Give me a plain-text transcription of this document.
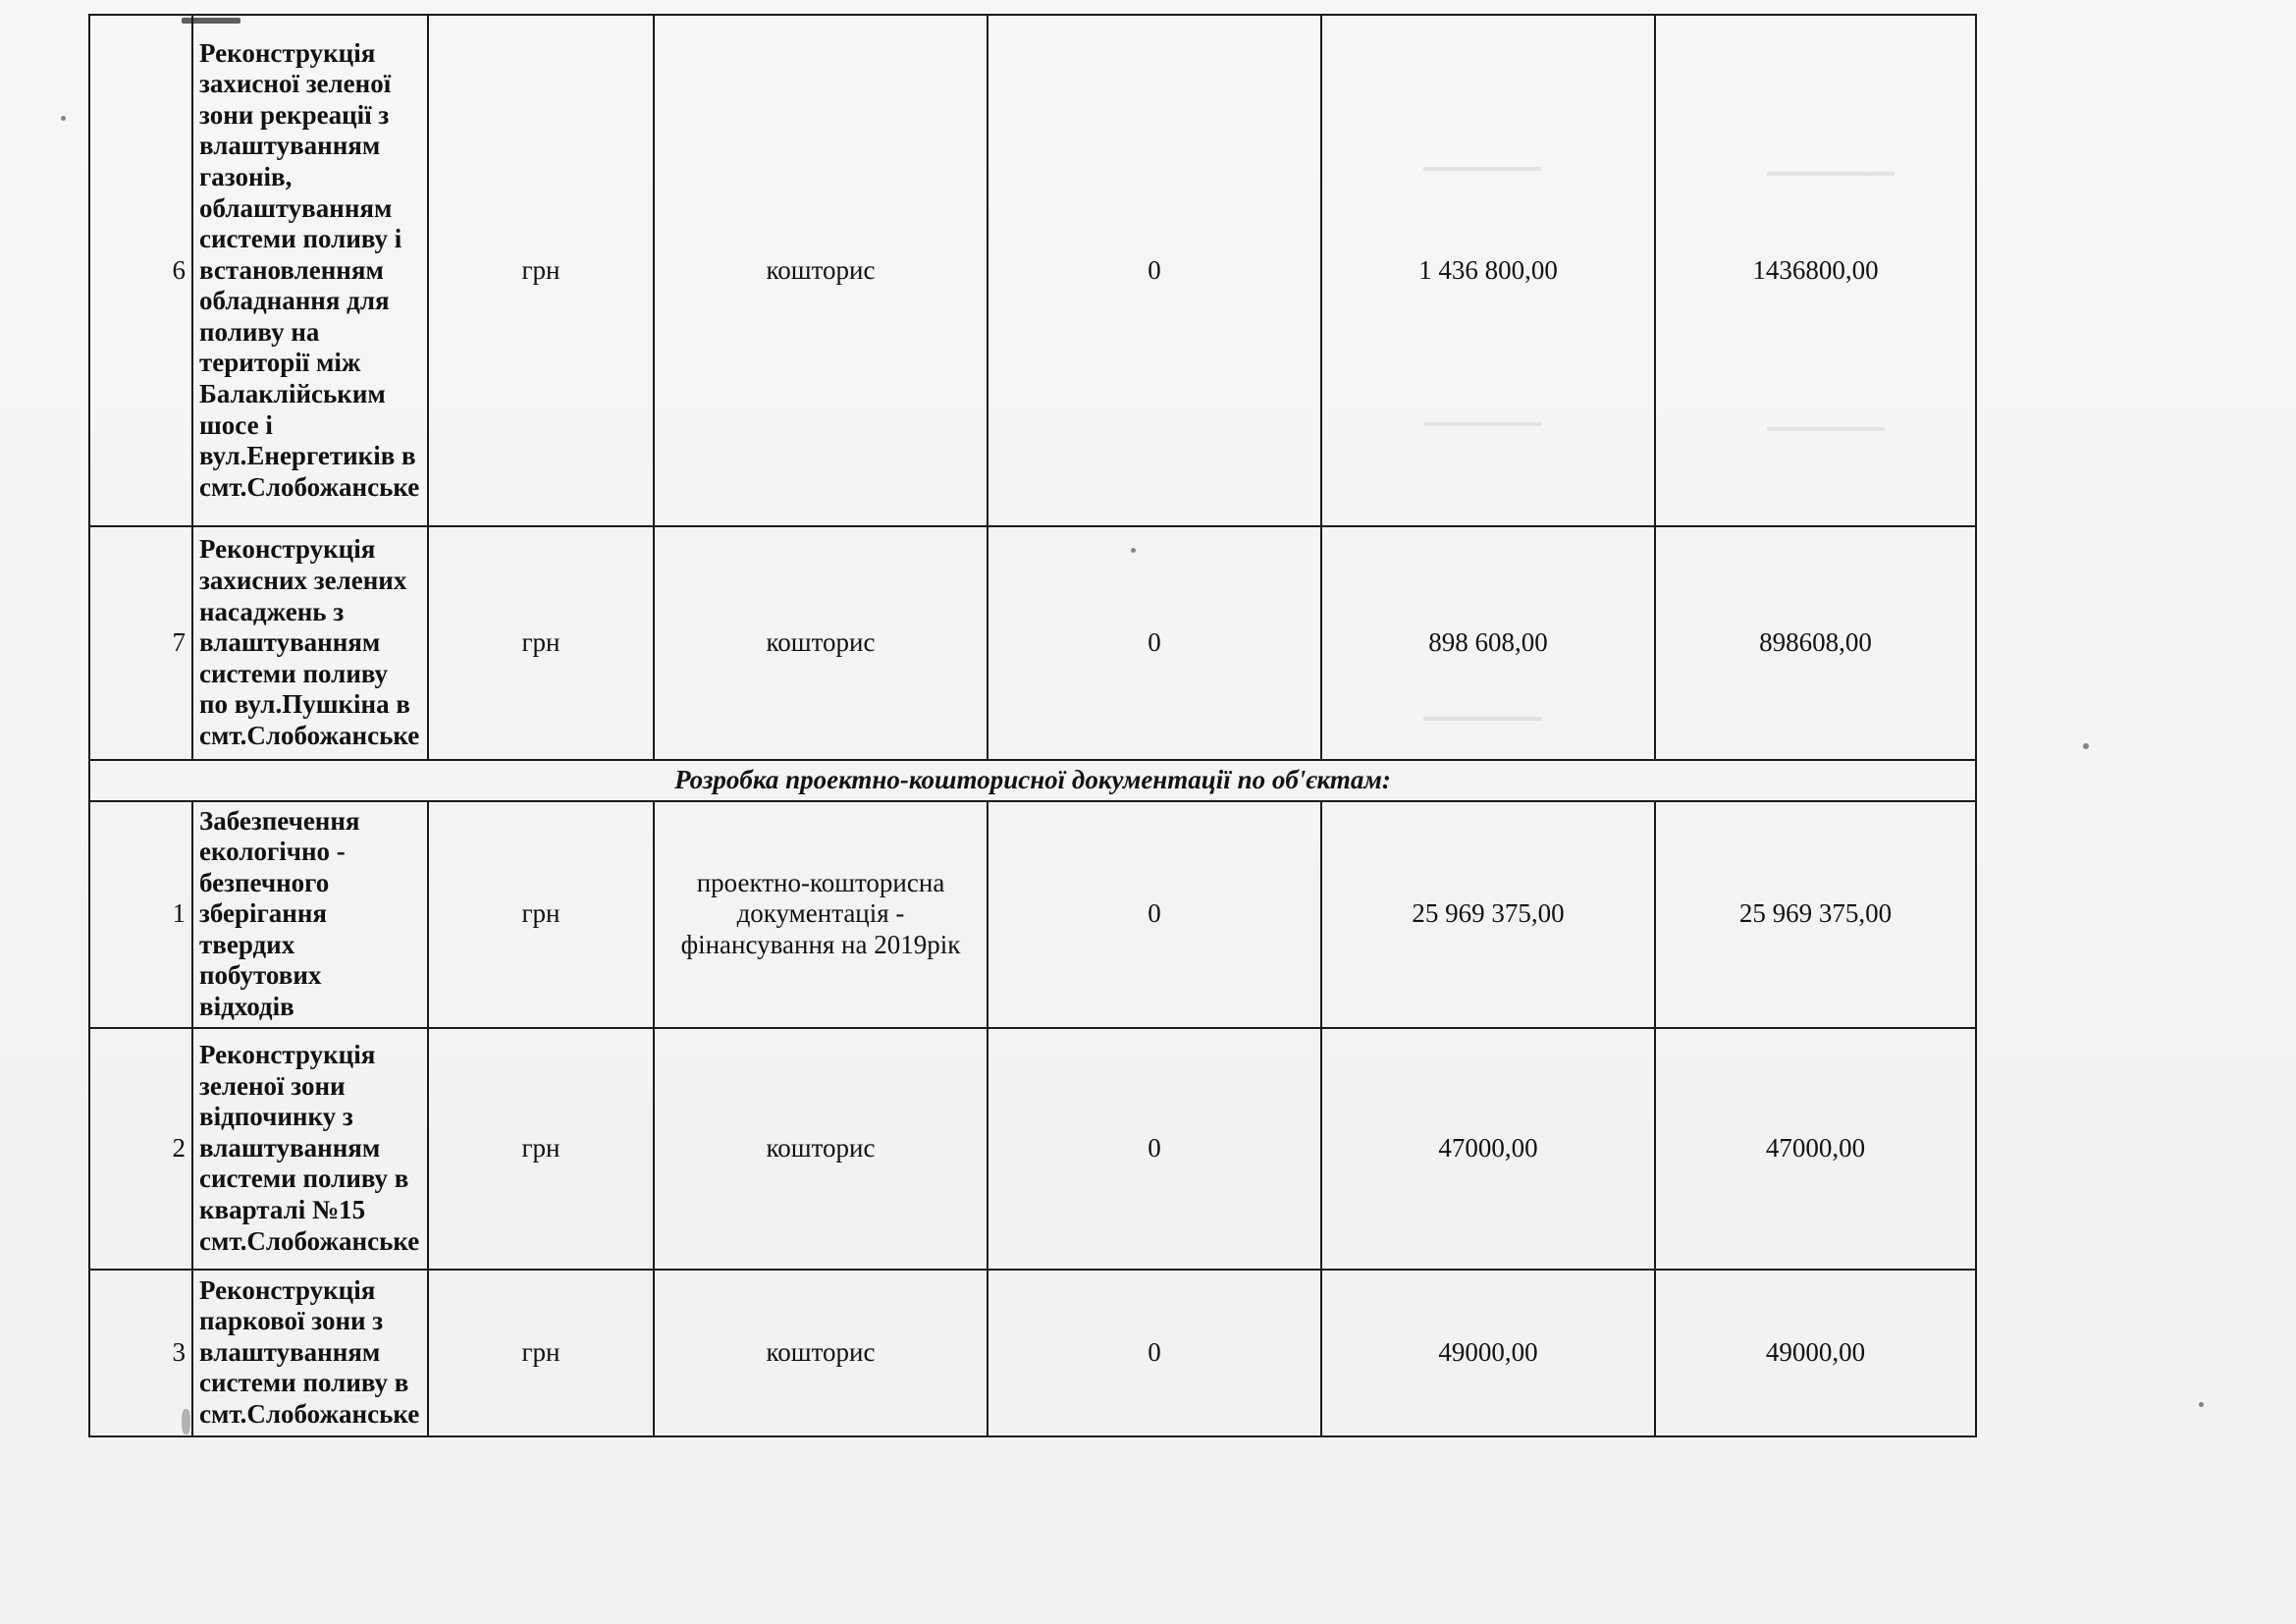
6	Реконструкція захисної зеленої зони рекреації з влаштуванням газонів, облаштуванням системи поливу і встановленням обладнання для поливу на території між Балаклійським шосе і вул.Енергетиків в смт.Слобожанське	грн	кошторис	0	1 436 800,00	1436800,00
7	Реконструкція захисних зелених насаджень з влаштуванням системи поливу по вул.Пушкіна в смт.Слобожанське	грн	кошторис	0	898 608,00	898608,00
Розробка проектно-кошторисної документації по об'єктам:						
1	Забезпечення екологічно - безпечного зберігання твердих побутових відходів	грн	проектно-кошторисна документація - фінансування на 2019рік	0	25 969 375,00	25 969 375,00
2	Реконструкція зеленої зони відпочинку з влаштуванням системи поливу в кварталі №15 смт.Слобожанське	грн	кошторис	0	47000,00	47000,00
3	Реконструкція паркової зони з влаштуванням системи поливу в смт.Слобожанське	грн	кошторис	0	49000,00	49000,00
